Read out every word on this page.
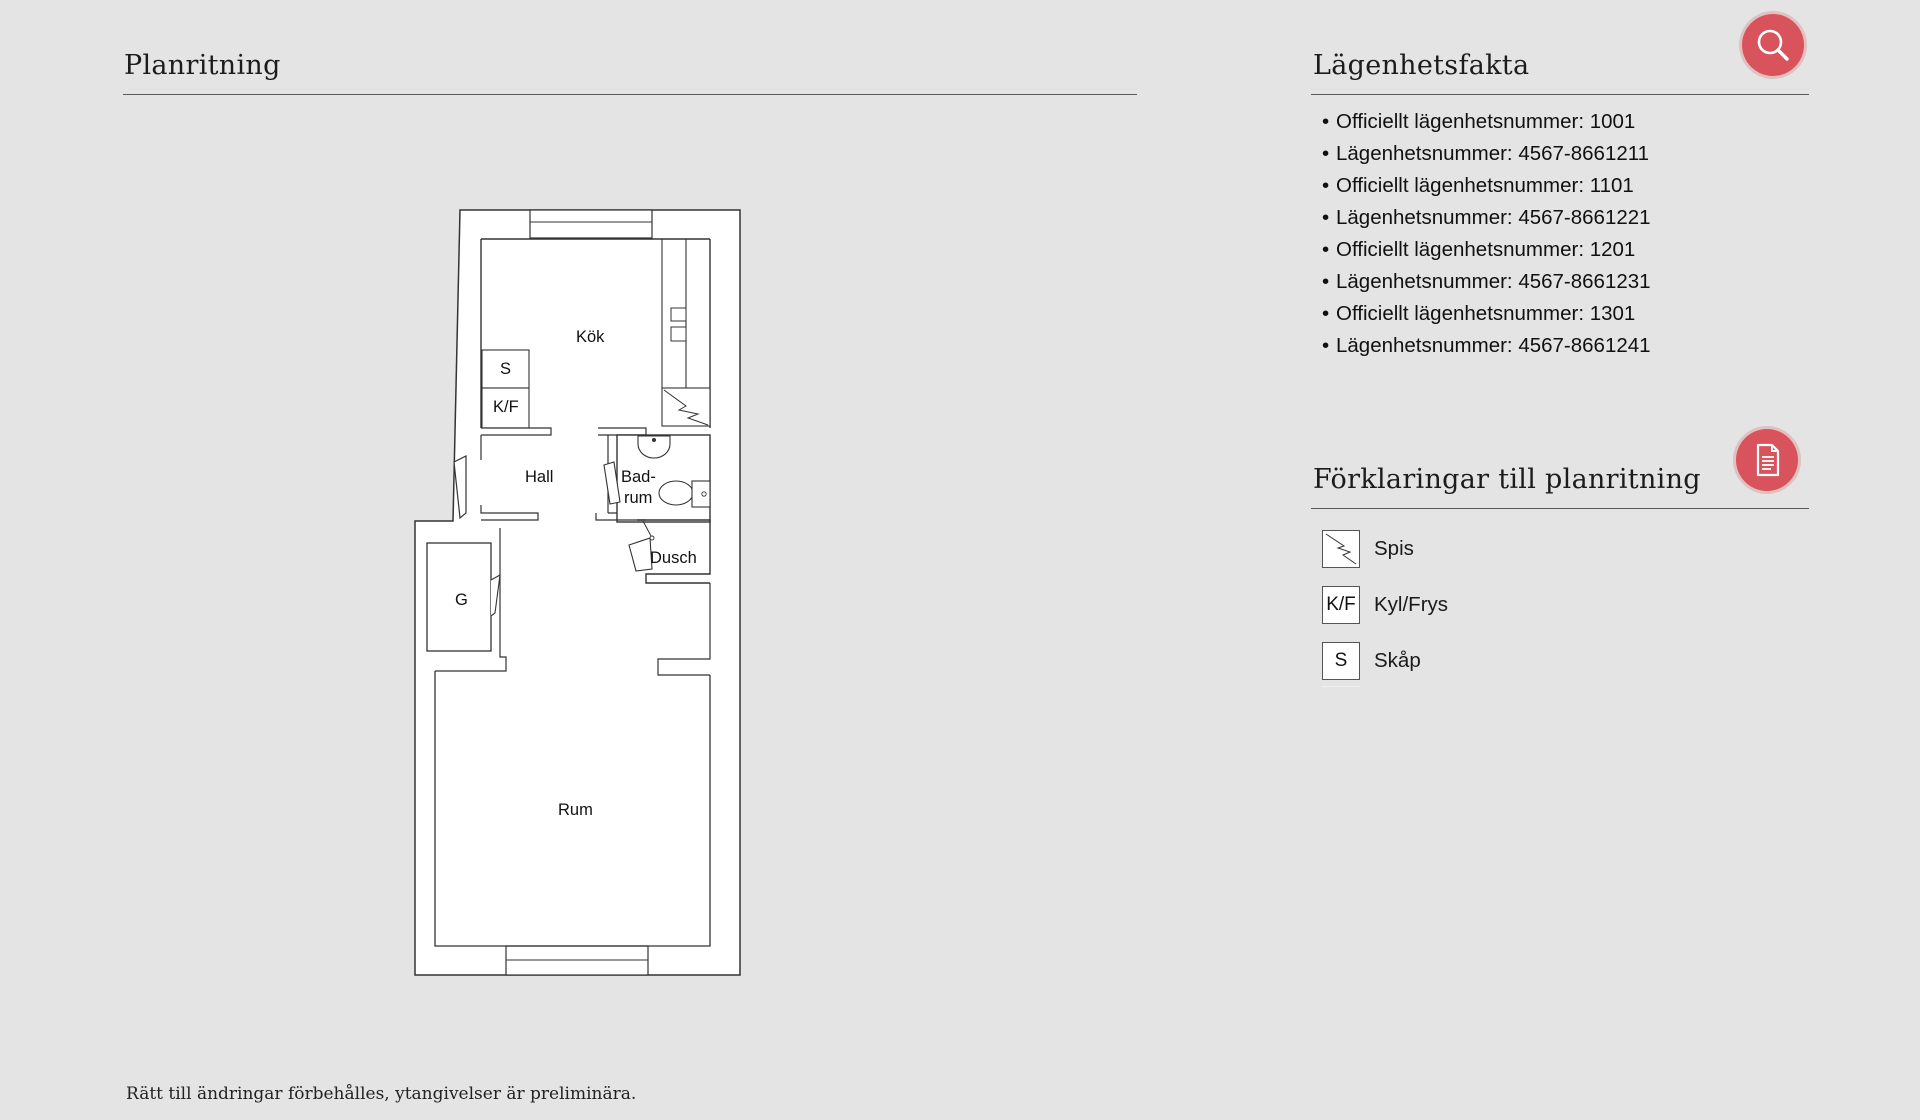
Planritning
Kök
S
K/F
Hall	Bad-
rum
Dusch
G
Rum
Lägenhetsfakta
• Officiellt lägenhetsnummer: 1001
• Lägenhetsnummer: 4567-8661211
• Officiellt lägenhetsnummer: 1101
• Lägenhetsnummer: 4567-8661221
• Officiellt lägenhetsnummer: 1201
• Lägenhetsnummer: 4567-8661231
• Officiellt lägenhetsnummer: 1301
• Lägenhetsnummer: 4567-8661241
Förklaringar till planritning
Spis
K/F Kyl/Frys
S	Skåp
Rätt till ändringar förbehålles, ytangivelser är preliminära.
